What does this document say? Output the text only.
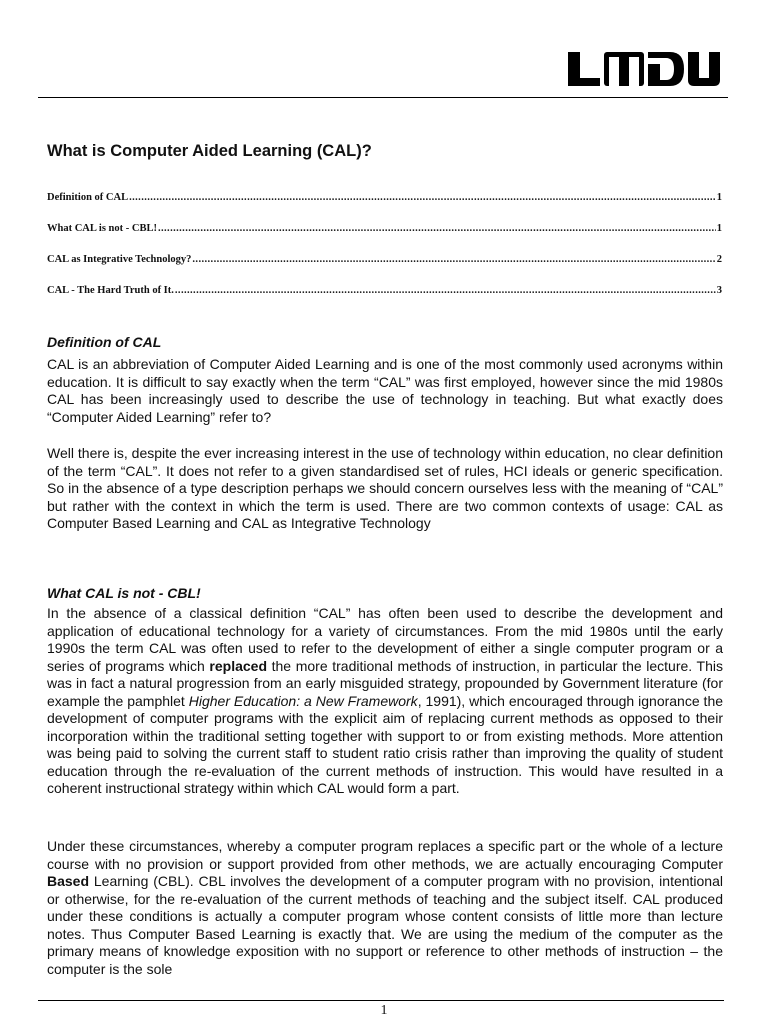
What is Computer Aided Learning (CAL)?
Definition of CAL .....	1
What CAL is not - CBL! .....	1
CAL as Integrative Technology? .....	2
CAL - The Hard Truth of It. .....	3
Definition of CAL

CAL is an abbreviation of Computer Aided Learning and is one of the most commonly used acronyms within education. It is difficult to say exactly when the term “CAL” was first employed, however since the mid 1980s CAL has been increasingly used to describe the use of technology in teaching. But what exactly does “Computer Aided Learning” refer to?

Well there is, despite the ever increasing interest in the use of technology within education, no clear definition of the term “CAL”. It does not refer to a given standardised set of rules, HCI ideals or generic specification. So in the absence of a type description perhaps we should concern ourselves less with the meaning of “CAL” but rather with the context in which the term is used. There are two common contexts of usage: CAL as Computer Based Learning and CAL as Integrative Technology

What CAL is not - CBL!

In the absence of a classical definition “CAL” has often been used to describe the development and application of educational technology for a variety of circumstances. From the mid 1980s until the early 1990s the term CAL was often used to refer to the development of either a single computer program or a series of programs which replaced the more traditional methods of instruction, in particular the lecture. This was in fact a natural progression from an early misguided strategy, propounded by Government literature (for example the pamphlet Higher Education: a New Framework, 1991), which encouraged through ignorance the development of computer programs with the explicit aim of replacing current methods as opposed to their incorporation within the traditional setting together with support to or from existing methods. More attention was being paid to solving the current staff to student ratio crisis rather than improving the quality of student education through the re-evaluation of the current methods of instruction. This would have resulted in a coherent instructional strategy within which CAL would form a part.

Under these circumstances, whereby a computer program replaces a specific part or the whole of a lecture course with no provision or support provided from other methods, we are actually encouraging Computer Based Learning (CBL). CBL involves the development of a computer program with no provision, intentional or otherwise, for the re-evaluation of the current methods of teaching and the subject itself. CAL produced under these conditions is actually a computer program whose content consists of little more than lecture notes. Thus Computer Based Learning is exactly that. We are using the medium of the computer as the primary means of knowledge exposition with no support or reference to other methods of instruction – the computer is the sole

1
